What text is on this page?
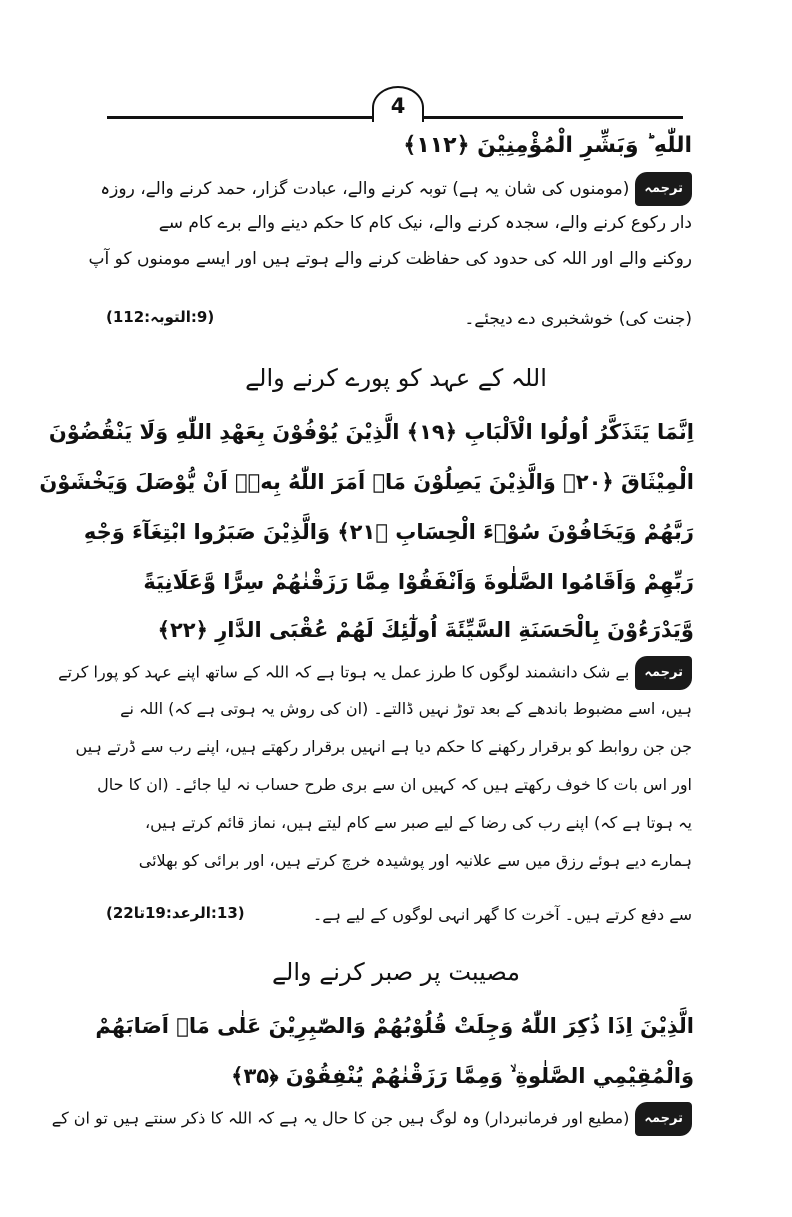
4
اللّٰهِ ؕ وَبَشِّرِ الْمُؤْمِنِيْنَ ﴿۱۱۲﴾
ترجمہ(مومنوں کی شان یہ ہے) توبہ کرنے والے، عبادت گزار، حمد کرنے والے، روزہ
دار رکوع کرنے والے، سجدہ کرنے والے، نیک کام کا حکم دینے والے برے کام سے
روکنے والے اور اللہ کی حدود کی حفاظت کرنے والے ہوتے ہیں اور ایسے مومنوں کو آپ
(جنت کی) خوشخبری دے دیجئے۔
(9:التوبہ:112)
اللہ کے عہد کو پورے کرنے والے
اِنَّمَا يَتَذَكَّرُ اُولُوا الْاَلْبَابِ ﴿۱۹﴾ الَّذِيْنَ يُوْفُوْنَ بِعَهْدِ اللّٰهِ وَلَا يَنْقُضُوْنَ
الْمِيْثَاقَ ﴿۲۰﴾ وَالَّذِيْنَ يَصِلُوْنَ مَاۤ اَمَرَ اللّٰهُ بِهٖۤ اَنْ يُّوْصَلَ وَيَخْشَوْنَ
رَبَّهُمْ وَيَخَافُوْنَ سُوْۤءَ الْحِسَابِ ﴿۲۱﴾ وَالَّذِيْنَ صَبَرُوا ابْتِغَآءَ وَجْهِ
رَبِّهِمْ وَاَقَامُوا الصَّلٰوةَ وَاَنْفَقُوْا مِمَّا رَزَقْنٰهُمْ سِرًّا وَّعَلَانِيَةً
وَّيَدْرَءُوْنَ بِالْحَسَنَةِ السَّيِّئَةَ اُولٰٓئِكَ لَهُمْ عُقْبَى الدَّارِ ﴿۲۲﴾
ترجمہبے شک دانشمند لوگوں کا طرز عمل یہ ہوتا ہے کہ اللہ کے ساتھ اپنے عہد کو پورا کرتے
ہیں، اسے مضبوط باندھے کے بعد توڑ نہیں ڈالتے۔ (ان کی روش یہ ہوتی ہے کہ) اللہ نے
جن جن روابط کو برقرار رکھنے کا حکم دیا ہے انہیں برقرار رکھتے ہیں، اپنے رب سے ڈرتے ہیں
اور اس بات کا خوف رکھتے ہیں کہ کہیں ان سے بری طرح حساب نہ لیا جائے۔ (ان کا حال
یہ ہوتا ہے کہ) اپنے رب کی رضا کے لیے صبر سے کام لیتے ہیں، نماز قائم کرتے ہیں،
ہمارے دیے ہوئے رزق میں سے علانیہ اور پوشیدہ خرچ کرتے ہیں، اور برائی کو بھلائی
سے دفع کرتے ہیں۔ آخرت کا گھر انہی لوگوں کے لیے ہے۔
(13:الرعد:19تا22)
مصیبت پر صبر کرنے والے
الَّذِيْنَ اِذَا ذُكِرَ اللّٰهُ وَجِلَتْ قُلُوْبُهُمْ وَالصّٰبِرِيْنَ عَلٰى مَاۤ اَصَابَهُمْ
وَالْمُقِيْمِي الصَّلٰوةِ ۙ وَمِمَّا رَزَقْنٰهُمْ يُنْفِقُوْنَ ﴿۳۵﴾
ترجمہ(مطیع اور فرمانبردار) وہ لوگ ہیں جن کا حال یہ ہے کہ اللہ کا ذکر سنتے ہیں تو ان کے
